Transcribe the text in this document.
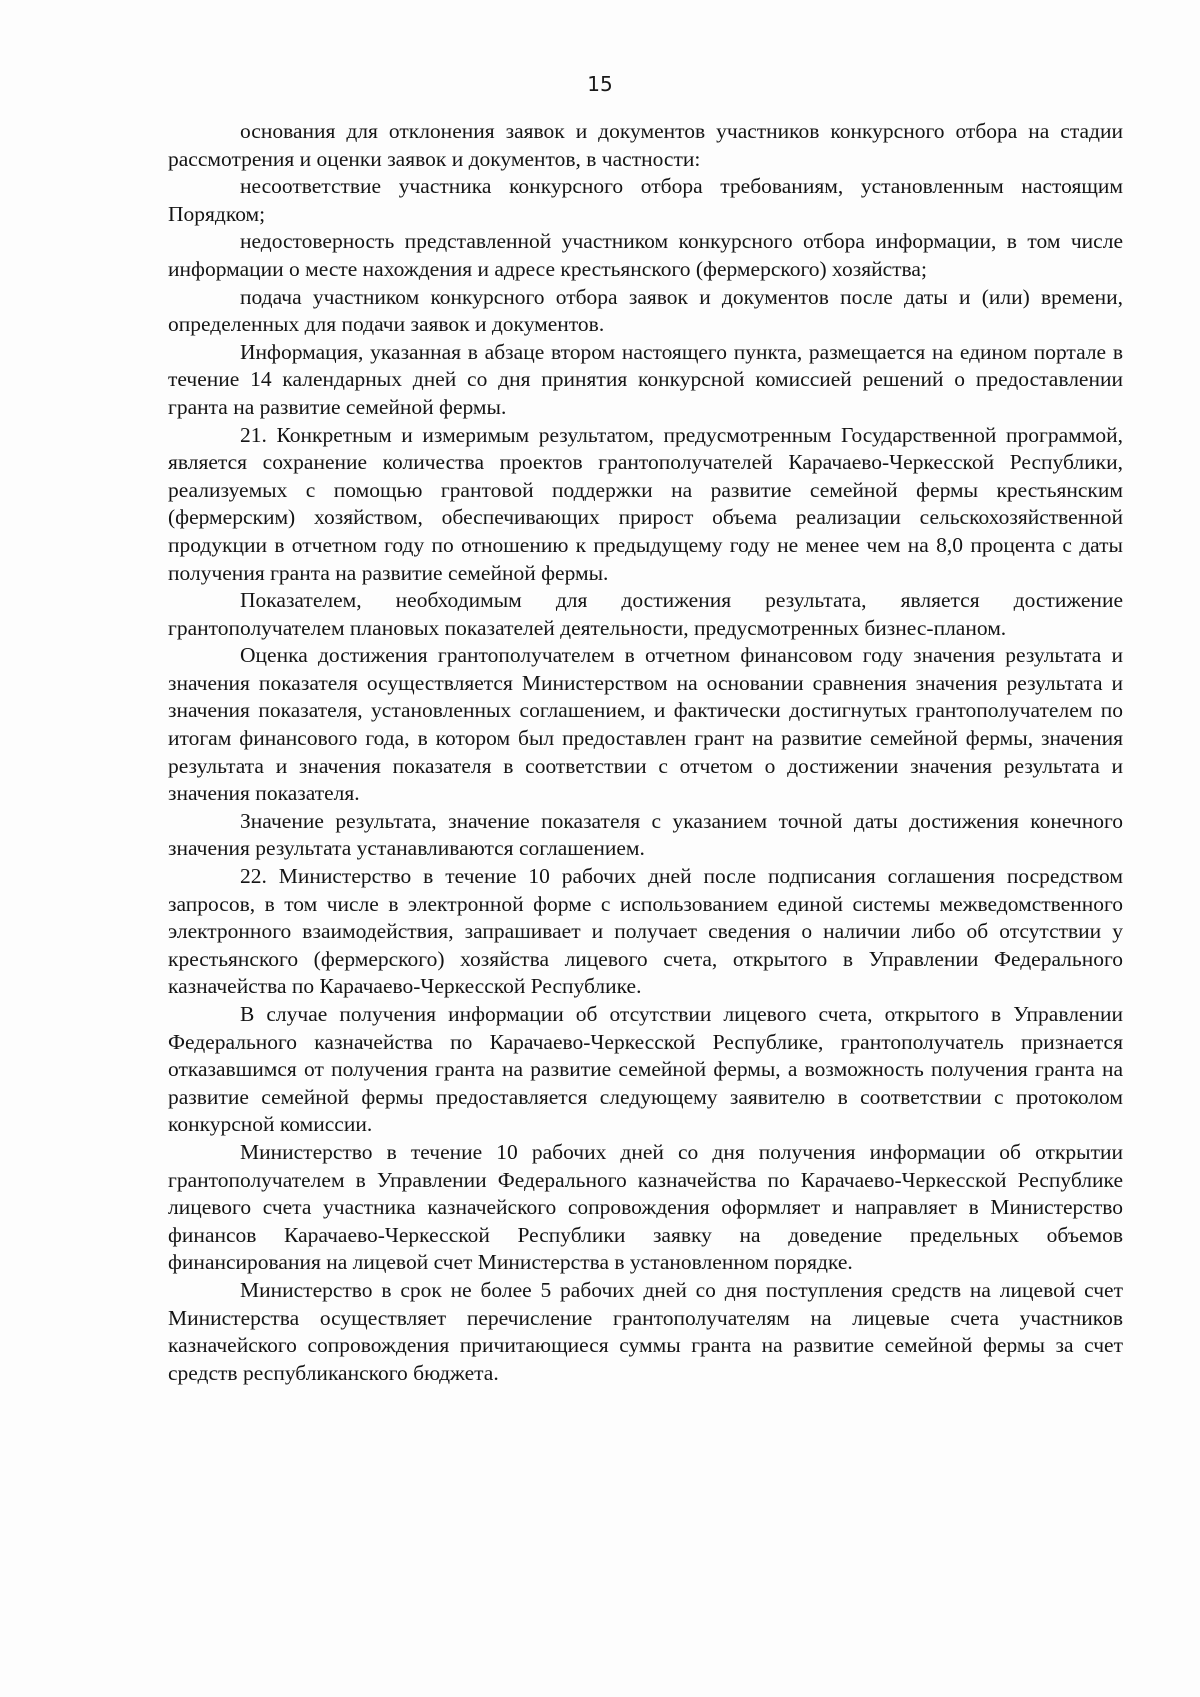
15

основания для отклонения заявок и документов участников конкурсного отбора на стадии рассмотрения и оценки заявок и документов, в частности:

несоответствие участника конкурсного отбора требованиям, установленным настоящим Порядком;

недостоверность представленной участником конкурсного отбора информации, в том числе информации о месте нахождения и адресе крестьянского (фермерского) хозяйства;

подача участником конкурсного отбора заявок и документов после даты и (или) времени, определенных для подачи заявок и документов.

Информация, указанная в абзаце втором настоящего пункта, размещается на едином портале в течение 14 календарных дней со дня принятия конкурсной комиссией решений о предоставлении гранта на развитие семейной фермы.

21. Конкретным и измеримым результатом, предусмотренным Государственной программой, является сохранение количества проектов грантополучателей Карачаево-Черкесской Республики, реализуемых с помощью грантовой поддержки на развитие семейной фермы крестьянским (фермерским) хозяйством, обеспечивающих прирост объема реализации сельскохозяйственной продукции в отчетном году по отношению к предыдущему году не менее чем на 8,0 процента с даты получения гранта на развитие семейной фермы.

Показателем, необходимым для достижения результата, является достижение грантополучателем плановых показателей деятельности, предусмотренных бизнес-планом.

Оценка достижения грантополучателем в отчетном финансовом году значения результата и значения показателя осуществляется Министерством на основании сравнения значения результата и значения показателя, установленных соглашением, и фактически достигнутых грантополучателем по итогам финансового года, в котором был предоставлен грант на развитие семейной фермы, значения результата и значения показателя в соответствии с отчетом о достижении значения результата и значения показателя.

Значение результата, значение показателя с указанием точной даты достижения конечного значения результата устанавливаются соглашением.

22. Министерство в течение 10 рабочих дней после подписания соглашения посредством запросов, в том числе в электронной форме с использованием единой системы межведомственного электронного взаимодействия, запрашивает и получает сведения о наличии либо об отсутствии у крестьянского (фермерского) хозяйства лицевого счета, открытого в Управлении Федерального казначейства по Карачаево-Черкесской Республике.

В случае получения информации об отсутствии лицевого счета, открытого в Управлении Федерального казначейства по Карачаево-Черкесской Республике, грантополучатель признается отказавшимся от получения гранта на развитие семейной фермы, а возможность получения гранта на развитие семейной фермы предоставляется следующему заявителю в соответствии с протоколом конкурсной комиссии.

Министерство в течение 10 рабочих дней со дня получения информации об открытии грантополучателем в Управлении Федерального казначейства по Карачаево-Черкесской Республике лицевого счета участника казначейского сопровождения оформляет и направляет в Министерство финансов Карачаево-Черкесской Республики заявку на доведение предельных объемов финансирования на лицевой счет Министерства в установленном порядке.

Министерство в срок не более 5 рабочих дней со дня поступления средств на лицевой счет Министерства осуществляет перечисление грантополучателям на лицевые счета участников казначейского сопровождения причитающиеся суммы гранта на развитие семейной фермы за счет средств республиканского бюджета.
